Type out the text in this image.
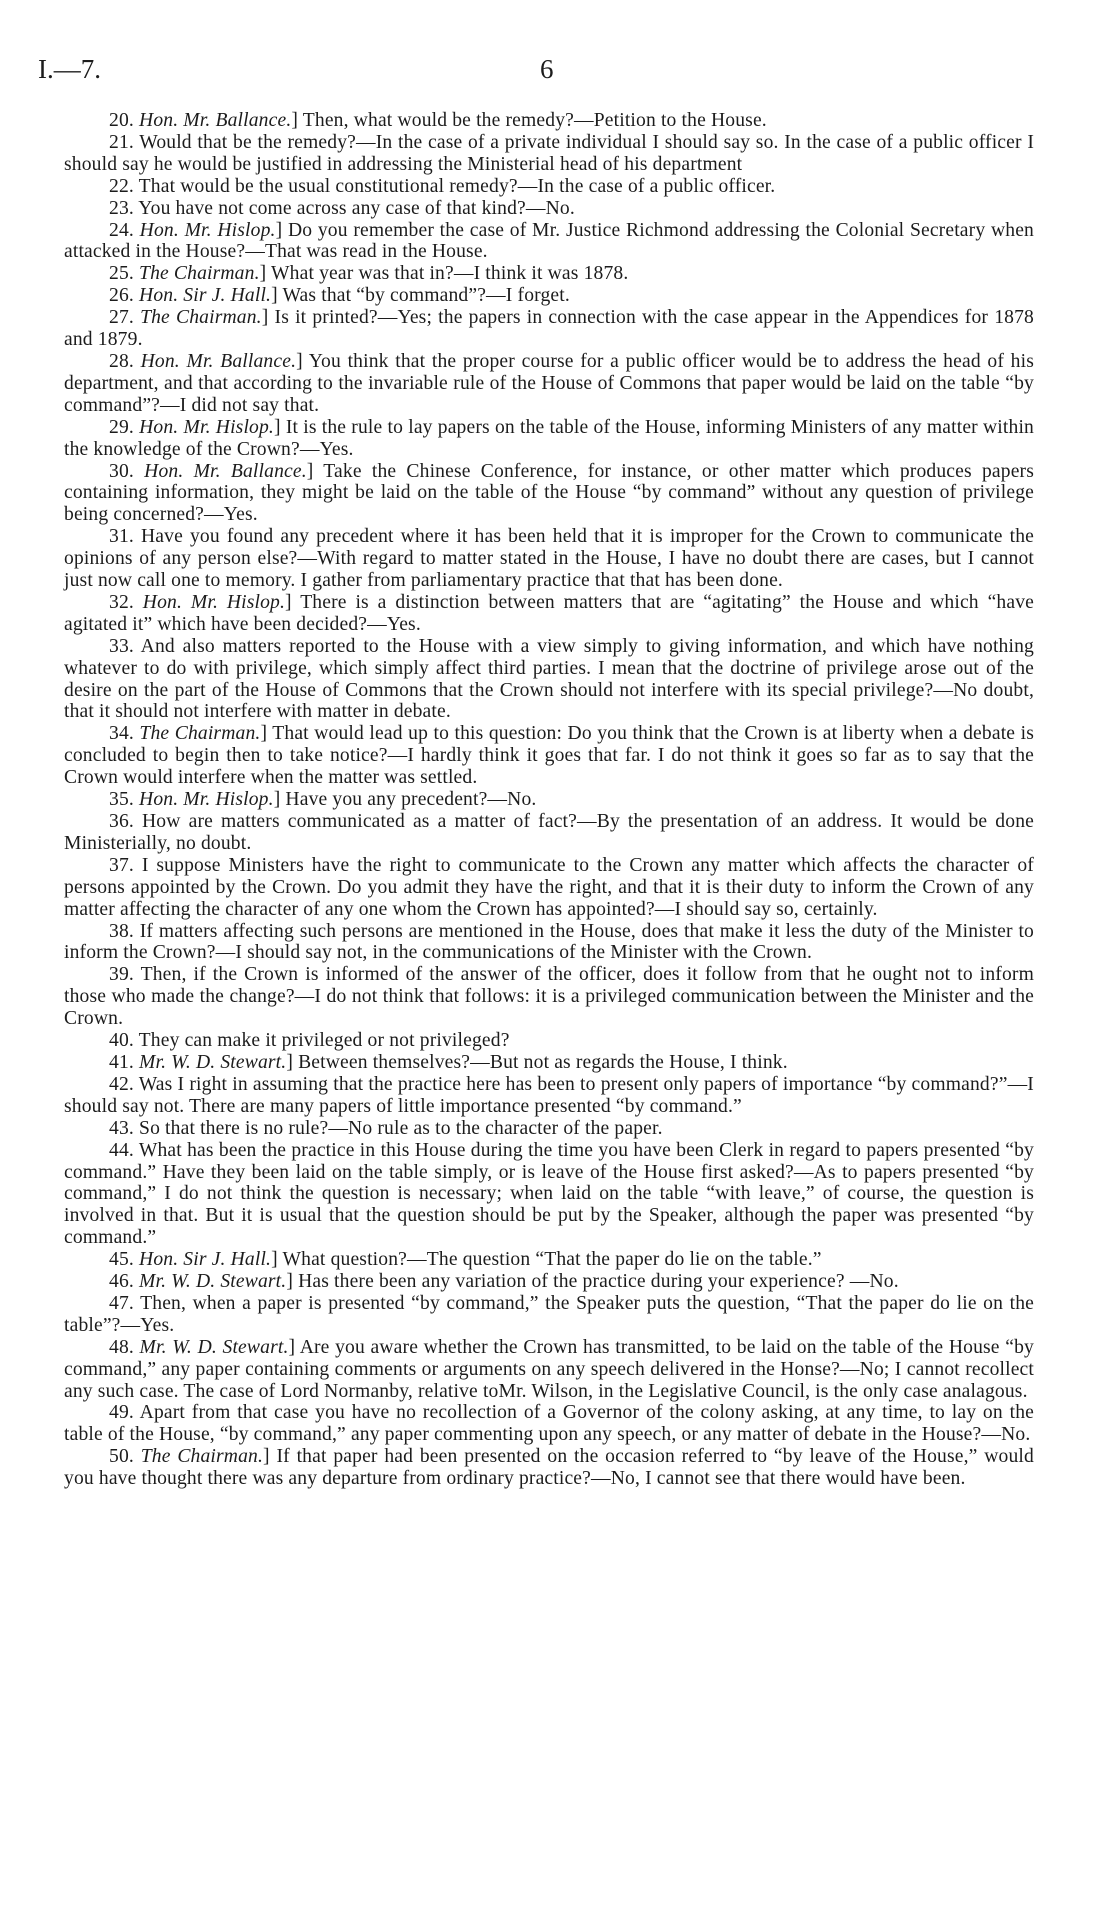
I.—7.	6

20. Hon. Mr. Ballance.] Then, what would be the remedy?—Petition to the House.

21. Would that be the remedy?—In the case of a private individual I should say so. In the case of a public officer I should say he would be justified in addressing the Ministerial head of his department

22. That would be the usual constitutional remedy?—In the case of a public officer.

23. You have not come across any case of that kind?—No.

24. Hon. Mr. Hislop.] Do you remember the case of Mr. Justice Richmond addressing the Colonial Secretary when attacked in the House?—That was read in the House.

25. The Chairman.] What year was that in?—I think it was 1878.

26. Hon. Sir J. Hall.] Was that “by command”?—I forget.

27. The Chairman.] Is it printed?—Yes; the papers in connection with the case appear in the Appendices for 1878 and 1879.

28. Hon. Mr. Ballance.] You think that the proper course for a public officer would be to address the head of his department, and that according to the invariable rule of the House of Commons that paper would be laid on the table “by command”?—I did not say that.

29. Hon. Mr. Hislop.] It is the rule to lay papers on the table of the House, informing Ministers of any matter within the knowledge of the Crown?—Yes.

30. Hon. Mr. Ballance.] Take the Chinese Conference, for instance, or other matter which produces papers containing information, they might be laid on the table of the House “by command” without any question of privilege being concerned?—Yes.

31. Have you found any precedent where it has been held that it is improper for the Crown to communicate the opinions of any person else?—With regard to matter stated in the House, I have no doubt there are cases, but I cannot just now call one to memory. I gather from parliamentary practice that that has been done.

32. Hon. Mr. Hislop.] There is a distinction between matters that are “agitating” the House and which “have agitated it” which have been decided?—Yes.

33. And also matters reported to the House with a view simply to giving information, and which have nothing whatever to do with privilege, which simply affect third parties. I mean that the doctrine of privilege arose out of the desire on the part of the House of Commons that the Crown should not interfere with its special privilege?—No doubt, that it should not interfere with matter in debate.

34. The Chairman.] That would lead up to this question: Do you think that the Crown is at liberty when a debate is concluded to begin then to take notice?—I hardly think it goes that far. I do not think it goes so far as to say that the Crown would interfere when the matter was settled.

35. Hon. Mr. Hislop.] Have you any precedent?—No.

36. How are matters communicated as a matter of fact?—By the presentation of an address. It would be done Ministerially, no doubt.

37. I suppose Ministers have the right to communicate to the Crown any matter which affects the character of persons appointed by the Crown. Do you admit they have the right, and that it is their duty to inform the Crown of any matter affecting the character of any one whom the Crown has appointed?—I should say so, certainly.

38. If matters affecting such persons are mentioned in the House, does that make it less the duty of the Minister to inform the Crown?—I should say not, in the communications of the Minister with the Crown.

39. Then, if the Crown is informed of the answer of the officer, does it follow from that he ought not to inform those who made the change?—I do not think that follows: it is a privileged communication between the Minister and the Crown.

40. They can make it privileged or not privileged?

41. Mr. W. D. Stewart.] Between themselves?—But not as regards the House, I think.

42. Was I right in assuming that the practice here has been to present only papers of importance “by command?”—I should say not. There are many papers of little importance presented “by command.”

43. So that there is no rule?—No rule as to the character of the paper.

44. What has been the practice in this House during the time you have been Clerk in regard to papers presented “by command.” Have they been laid on the table simply, or is leave of the House first asked?—As to papers presented “by command,” I do not think the question is necessary; when laid on the table “with leave,” of course, the question is involved in that. But it is usual that the question should be put by the Speaker, although the paper was presented “by command.”

45. Hon. Sir J. Hall.] What question?—The question “That the paper do lie on the table.”

46. Mr. W. D. Stewart.] Has there been any variation of the practice during your experience? —No.

47. Then, when a paper is presented “by command,” the Speaker puts the question, “That the paper do lie on the table”?—Yes.

48. Mr. W. D. Stewart.] Are you aware whether the Crown has transmitted, to be laid on the table of the House “by command,” any paper containing comments or arguments on any speech delivered in the Honse?—No; I cannot recollect any such case. The case of Lord Normanby, relative toMr. Wilson, in the Legislative Council, is the only case analagous.

49. Apart from that case you have no recollection of a Governor of the colony asking, at any time, to lay on the table of the House, “by command,” any paper commenting upon any speech, or any matter of debate in the House?—No.

50. The Chairman.] If that paper had been presented on the occasion referred to “by leave of the House,” would you have thought there was any departure from ordinary practice?—No, I cannot see that there would have been.
